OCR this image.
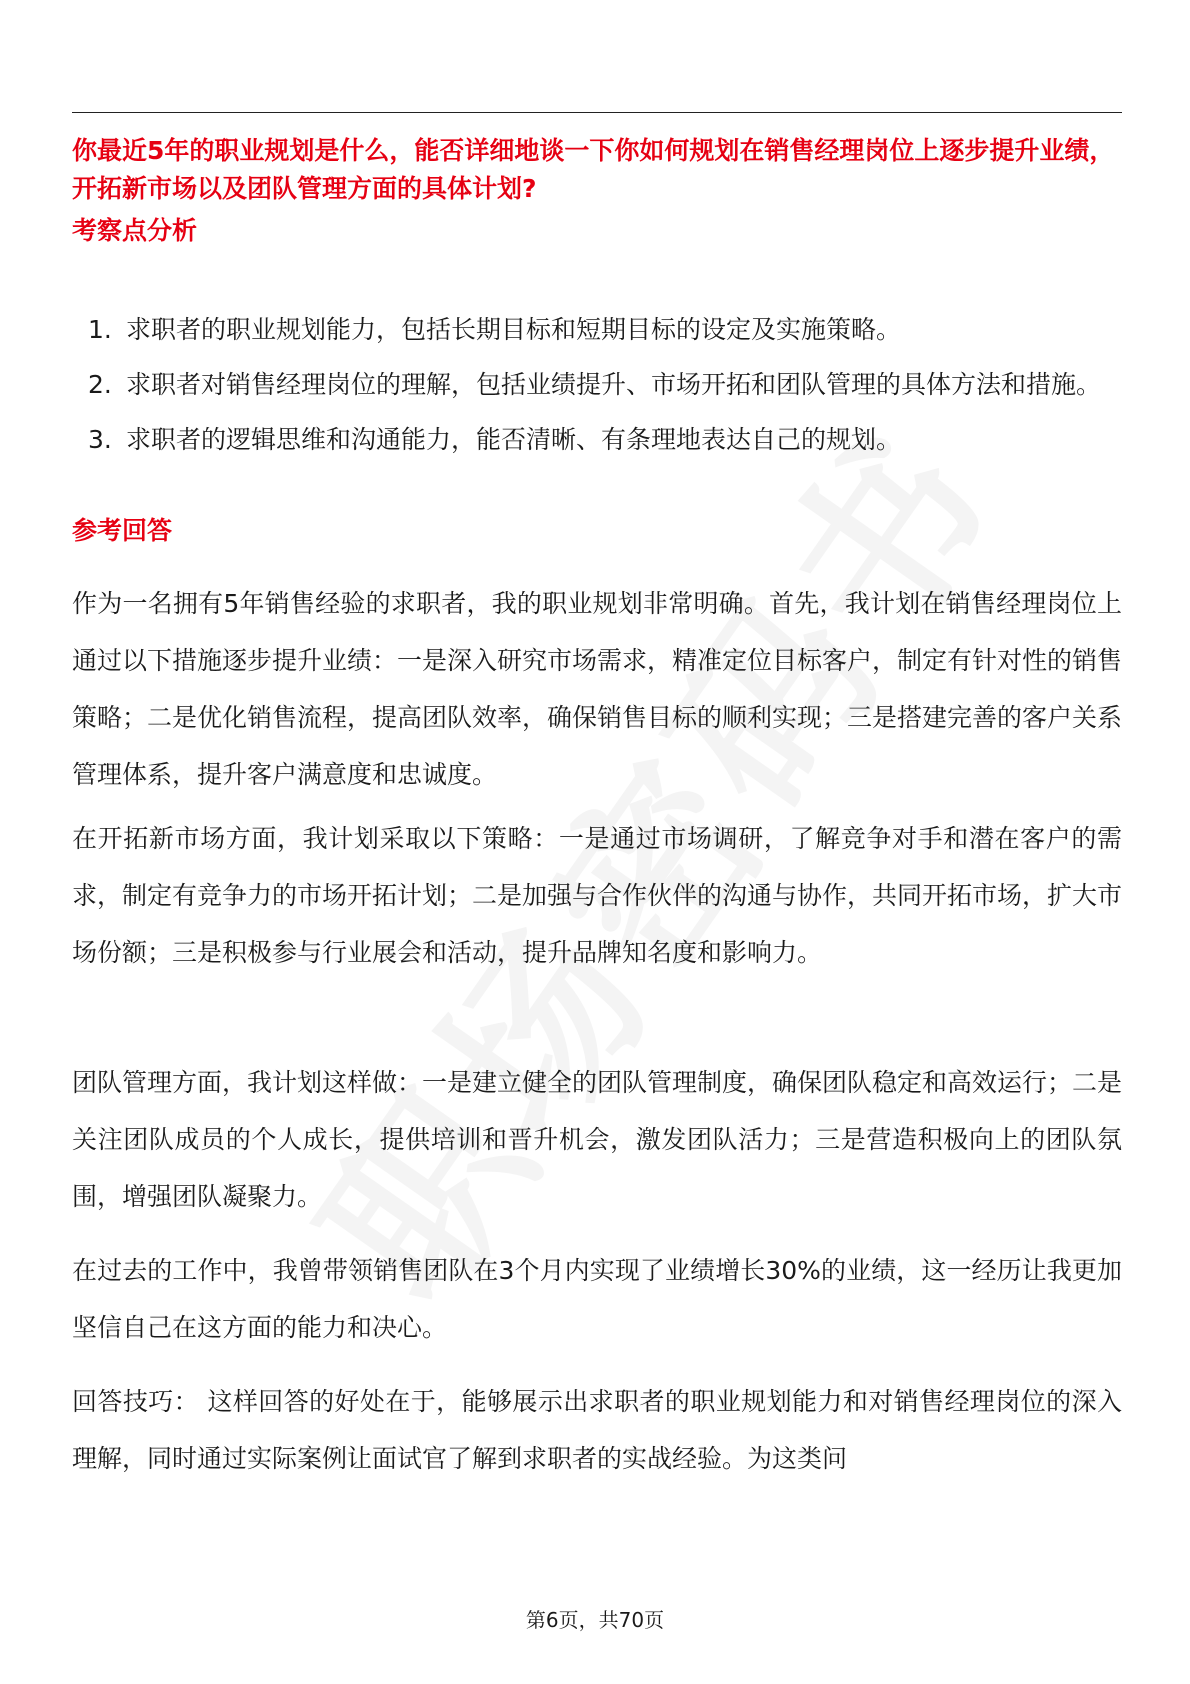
你最近5年的职业规划是什么，能否详细地谈一下你如何规划在销售经理岗位上逐步提升业绩，开拓新市场以及团队管理方面的具体计划?
考察点分析
1. 求职者的职业规划能力，包括长期目标和短期目标的设定及实施策略。
2. 求职者对销售经理岗位的理解，包括业绩提升、市场开拓和团队管理的具体方法和措施。
3. 求职者的逻辑思维和沟通能力，能否清晰、有条理地表达自己的规划。
参考回答

作为一名拥有5年销售经验的求职者，我的职业规划非常明确。首先，我计划在销售经理岗位上通过以下措施逐步提升业绩：一是深入研究市场需求，精准定位目标客户，制定有针对性的销售策略；二是优化销售流程，提高团队效率，确保销售目标的顺利实现；三是搭建完善的客户关系管理体系，提升客户满意度和忠诚度。

在开拓新市场方面，我计划采取以下策略：一是通过市场调研，了解竞争对手和潜在客户的需求，制定有竞争力的市场开拓计划；二是加强与合作伙伴的沟通与协作，共同开拓市场，扩大市场份额；三是积极参与行业展会和活动，提升品牌知名度和影响力。

团队管理方面，我计划这样做：一是建立健全的团队管理制度，确保团队稳定和高效运行；二是关注团队成员的个人成长，提供培训和晋升机会，激发团队活力；三是营造积极向上的团队氛围，增强团队凝聚力。

在过去的工作中，我曾带领销售团队在3个月内实现了业绩增长30%的业绩，这一经历让我更加坚信自己在这方面的能力和决心。

回答技巧： 这样回答的好处在于，能够展示出求职者的职业规划能力和对销售经理岗位的深入理解，同时通过实际案例让面试官了解到求职者的实战经验。为这类问

第6页，共70页
